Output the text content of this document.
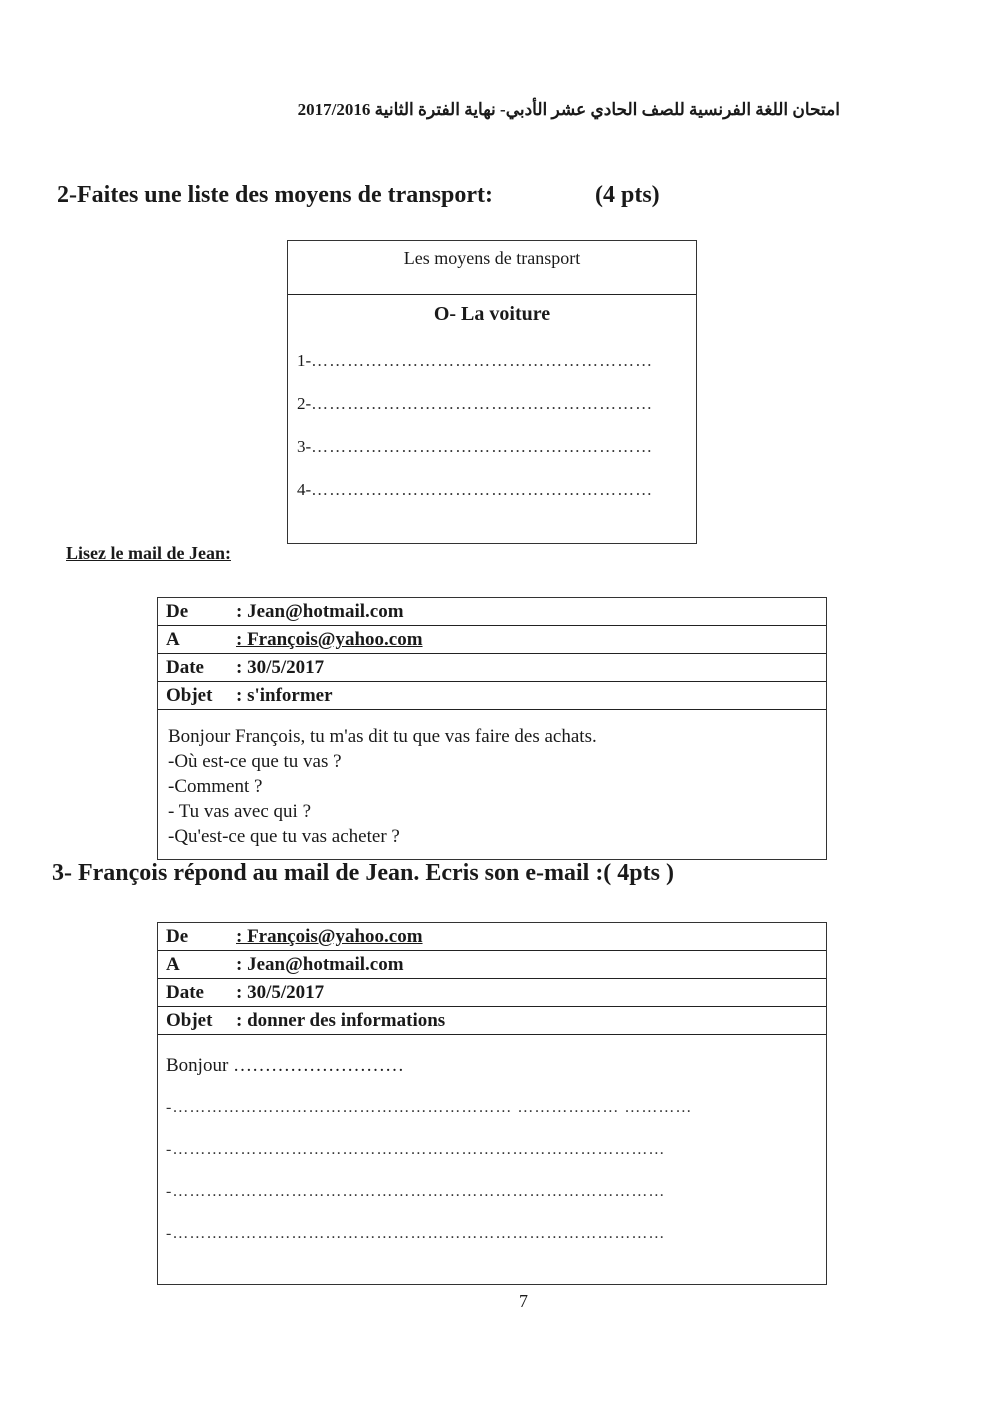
امتحان اللغة الفرنسية للصف الحادي عشر الأدبي- نهاية الفترة الثانية 2017/2016
2-Faites une liste des moyens de transport:	(4 pts)
Les moyens de transport
O- La voiture
1- …………………………………………………
2- …………………………………………………
3- …………………………………………………
4- …………………………………………………
Lisez le mail de Jean:
De	: Jean@hotmail.com
A	: François@yahoo.com
Date : 30/5/2017
Objet : s'informer
Bonjour François, tu m'as dit tu que vas faire des achats.
-Où est-ce que tu vas ?
-Comment ?
- Tu vas avec qui ?
-Qu'est-ce que tu vas acheter ?
3- François répond au mail de Jean. Ecris son e-mail :( 4pts )
De	: François@yahoo.com
A	: Jean@hotmail.com
Date : 30/5/2017
Objet : donner des informations
Bonjour ………………………
-…………………………………………………… ……………… …………
-……………………………………………………………………………
-……………………………………………………………………………
-……………………………………………………………………………
7
